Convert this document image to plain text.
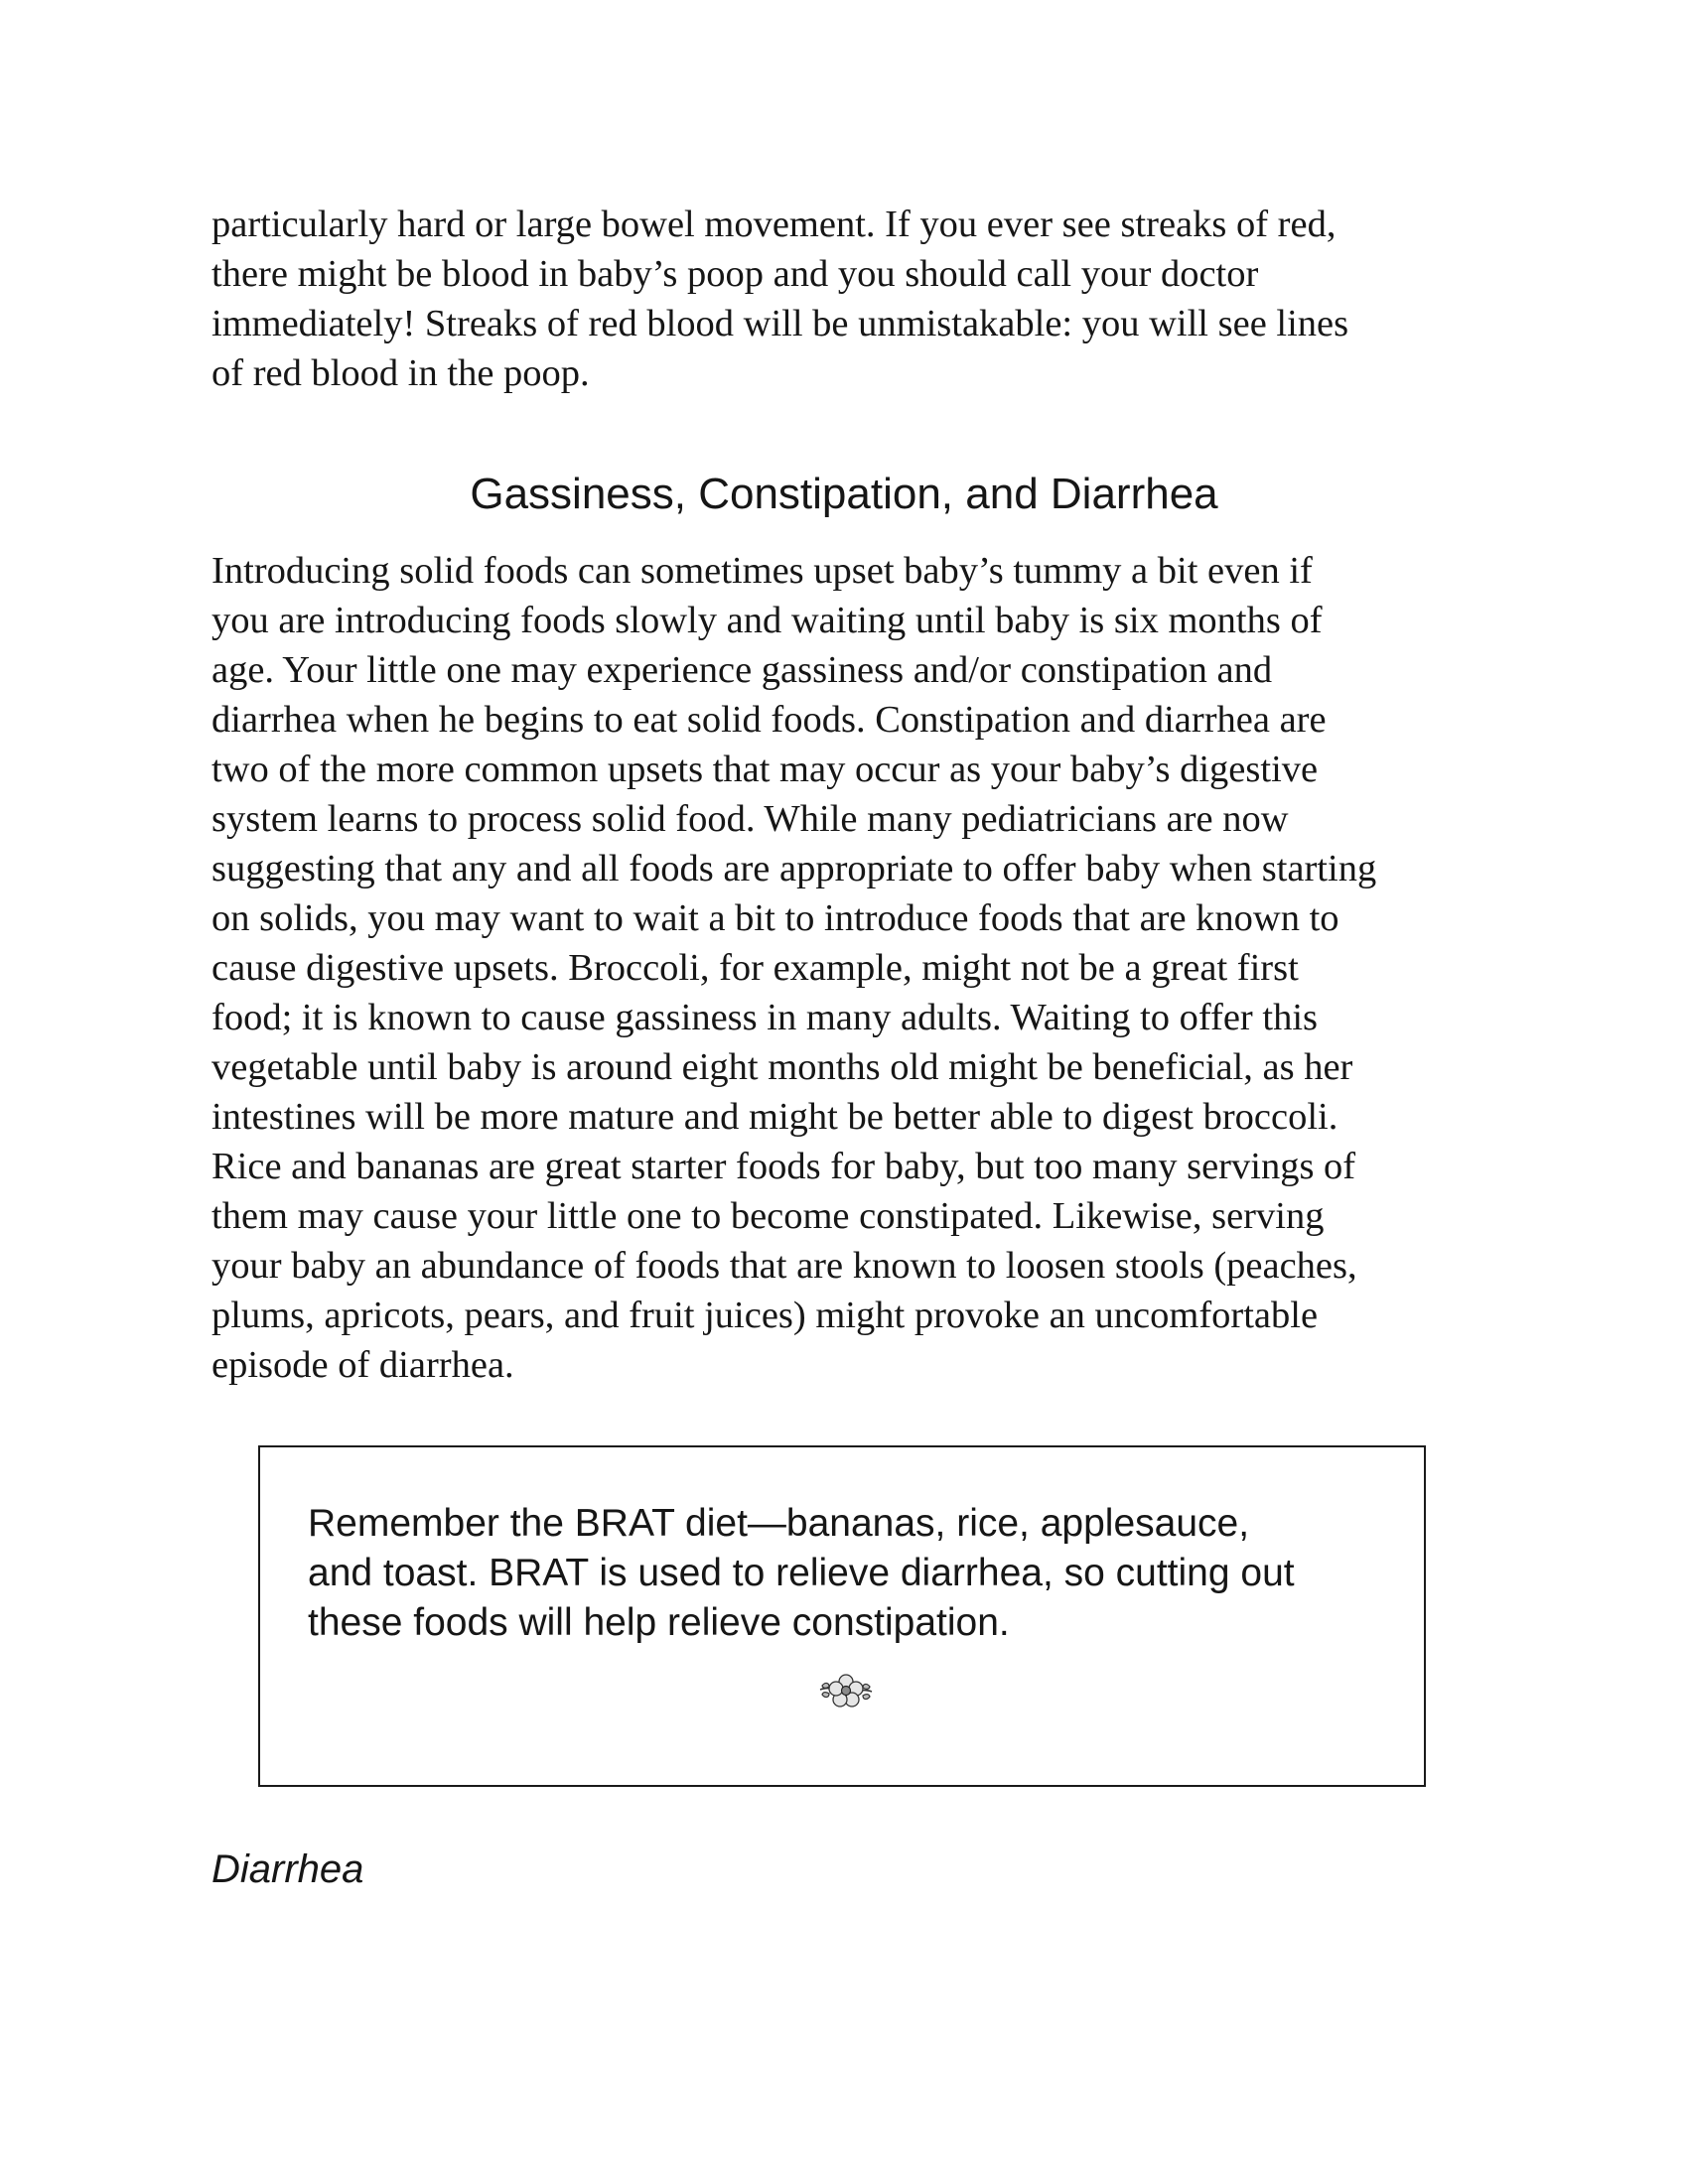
particularly hard or large bowel movement. If you ever see streaks of red,
there might be blood in baby’s poop and you should call your doctor
immediately! Streaks of red blood will be unmistakable: you will see lines
of red blood in the poop.

Gassiness, Constipation, and Diarrhea

Introducing solid foods can sometimes upset baby’s tummy a bit even if
you are introducing foods slowly and waiting until baby is six months of
age. Your little one may experience gassiness and/or constipation and
diarrhea when he begins to eat solid foods. Constipation and diarrhea are
two of the more common upsets that may occur as your baby’s digestive
system learns to process solid food. While many pediatricians are now
suggesting that any and all foods are appropriate to offer baby when starting
on solids, you may want to wait a bit to introduce foods that are known to
cause digestive upsets. Broccoli, for example, might not be a great first
food; it is known to cause gassiness in many adults. Waiting to offer this
vegetable until baby is around eight months old might be beneficial, as her
intestines will be more mature and might be better able to digest broccoli.
Rice and bananas are great starter foods for baby, but too many servings of
them may cause your little one to become constipated. Likewise, serving
your baby an abundance of foods that are known to loosen stools (peaches,
plums, apricots, pears, and fruit juices) might provoke an uncomfortable
episode of diarrhea.

Remember the BRAT diet—bananas, rice, applesauce,
and toast. BRAT is used to relieve diarrhea, so cutting out
these foods will help relieve constipation.

Diarrhea
